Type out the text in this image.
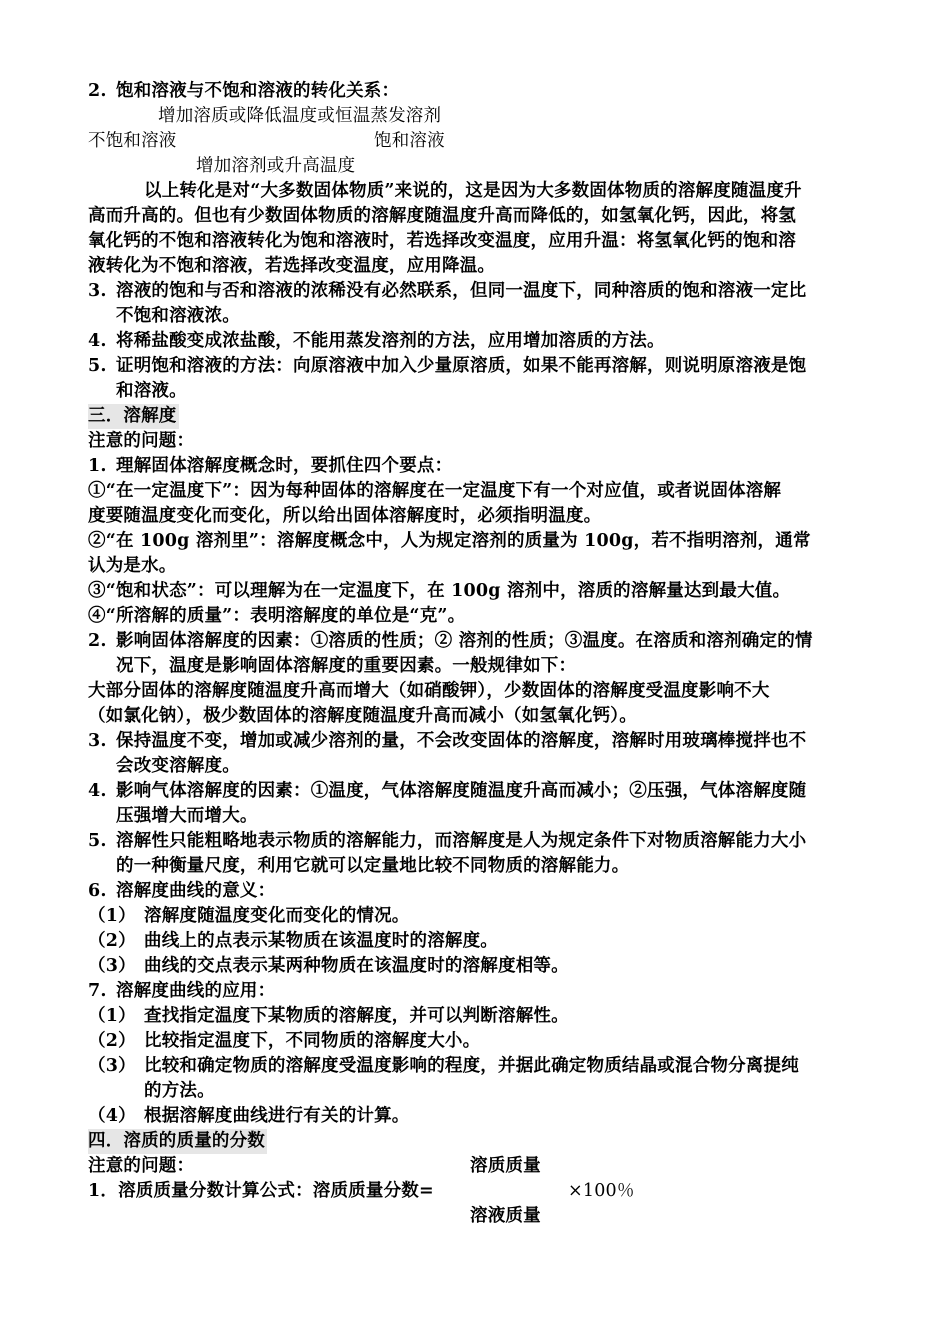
2. 饱和溶液与不饱和溶液的转化关系：
增加溶质或降低温度或恒温蒸发溶剂
不饱和溶液	饱和溶液
增加溶剂或升高温度
以上转化是对“大多数固体物质”来说的，这是因为大多数固体物质的溶解度随温度升
高而升高的。但也有少数固体物质的溶解度随温度升高而降低的，如氢氧化钙，因此，将氢
氧化钙的不饱和溶液转化为饱和溶液时，若选择改变温度，应用升温：将氢氧化钙的饱和溶
液转化为不饱和溶液，若选择改变温度，应用降温。
3. 溶液的饱和与否和溶液的浓稀没有必然联系，但同一温度下，同种溶质的饱和溶液一定比
不饱和溶液浓。
4. 将稀盐酸变成浓盐酸，不能用蒸发溶剂的方法，应用增加溶质的方法。
5. 证明饱和溶液的方法：向原溶液中加入少量原溶质，如果不能再溶解，则说明原溶液是饱
和溶液。
三．溶解度
注意的问题：
1. 理解固体溶解度概念时，要抓住四个要点：
①“在一定温度下”：因为每种固体的溶解度在一定温度下有一个对应值，或者说固体溶解
度要随温度变化而变化，所以给出固体溶解度时，必须指明温度。
②“在 100g 溶剂里”：溶解度概念中，人为规定溶剂的质量为 100g，若不指明溶剂，通常
认为是水。
③“饱和状态”：可以理解为在一定温度下，在 100g 溶剂中，溶质的溶解量达到最大值。
④“所溶解的质量”：表明溶解度的单位是“克”。
2. 影响固体溶解度的因素：①溶质的性质；② 溶剂的性质；③温度。在溶质和溶剂确定的情
况下，温度是影响固体溶解度的重要因素。一般规律如下：
大部分固体的溶解度随温度升高而增大（如硝酸钾），少数固体的溶解度受温度影响不大
（如氯化钠），极少数固体的溶解度随温度升高而减小（如氢氧化钙）。
3. 保持温度不变，增加或减少溶剂的量，不会改变固体的溶解度，溶解时用玻璃棒搅拌也不
会改变溶解度。
4. 影响气体溶解度的因素：①温度，气体溶解度随温度升高而减小；②压强，气体溶解度随
压强增大而增大。
5. 溶解性只能粗略地表示物质的溶解能力，而溶解度是人为规定条件下对物质溶解能力大小
的一种衡量尺度，利用它就可以定量地比较不同物质的溶解能力。
6. 溶解度曲线的意义：
（1） 溶解度随温度变化而变化的情况。
（2） 曲线上的点表示某物质在该温度时的溶解度。
（3） 曲线的交点表示某两种物质在该温度时的溶解度相等。
7. 溶解度曲线的应用：
（1） 查找指定温度下某物质的溶解度，并可以判断溶解性。
（2） 比较指定温度下，不同物质的溶解度大小。
（3） 比较和确定物质的溶解度受温度影响的程度，并据此确定物质结晶或混合物分离提纯
的方法。
（4） 根据溶解度曲线进行有关的计算。
四．溶质的质量的分数
注意的问题：	溶质质量
1．溶质质量分数计算公式：溶质质量分数=	×100％
溶液质量
